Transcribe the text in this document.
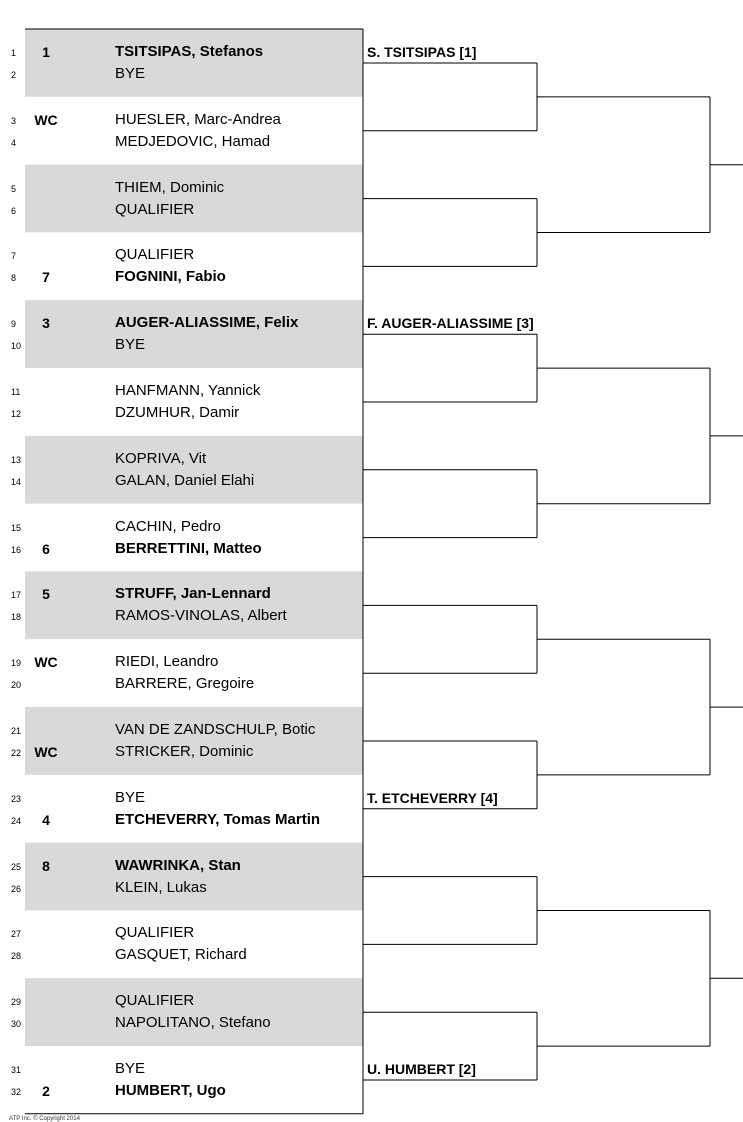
1	1	TSITSIPAS, Stefanos
2	BYE
3	WC	HUESLER, Marc-Andrea
4	MEDJEDOVIC, Hamad
5	THIEM, Dominic
6	QUALIFIER
7	QUALIFIER
8	7	FOGNINI, Fabio
9	3	AUGER-ALIASSIME, Felix
10	BYE
11	HANFMANN, Yannick
12	DZUMHUR, Damir
13	KOPRIVA, Vit
14	GALAN, Daniel Elahi
15	CACHIN, Pedro
16	6	BERRETTINI, Matteo
17	5	STRUFF, Jan-Lennard
18	RAMOS-VINOLAS, Albert
19 WC	RIEDI, Leandro
20	BARRERE, Gregoire
21	VAN DE ZANDSCHULP, Botic
22 WC	STRICKER, Dominic
23	BYE
24	4	ETCHEVERRY, Tomas Martin
25	8	WAWRINKA, Stan
26	KLEIN, Lukas
27	QUALIFIER
28	GASQUET, Richard
29	QUALIFIER
30	NAPOLITANO, Stefano
31	BYE
32	2	HUMBERT, Ugo
S. TSITSIPAS [1]
F. AUGER-ALIASSIME [3]
T. ETCHEVERRY [4]
U. HUMBERT [2]
ATP Inc. © Copyright 2014
